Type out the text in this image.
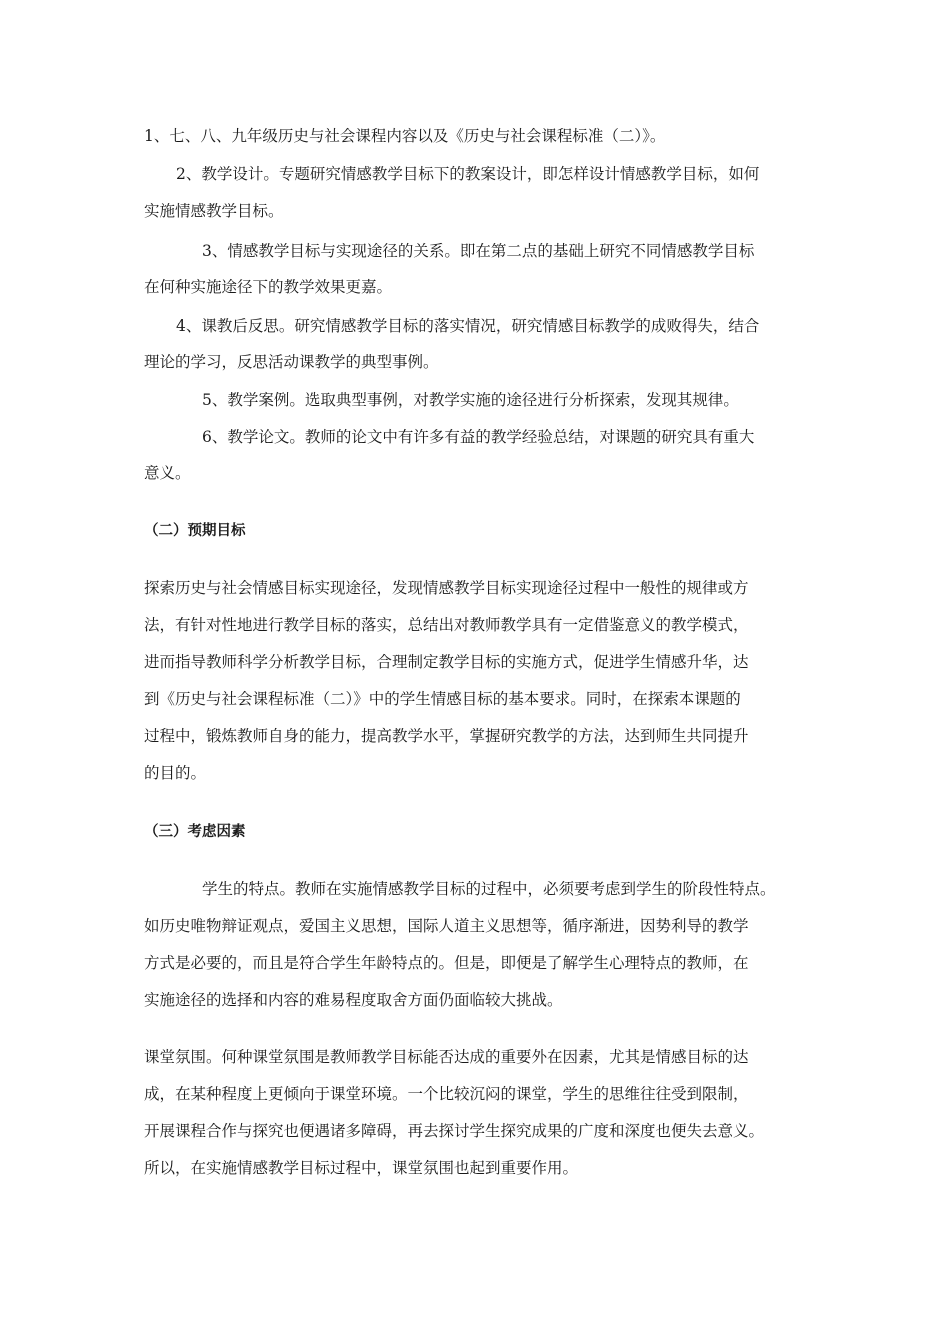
1、七、八、九年级历史与社会课程内容以及《历史与社会课程标准（二）》。
2、教学设计。专题研究情感教学目标下的教案设计，即怎样设计情感教学目标，如何
实施情感教学目标。
3、情感教学目标与实现途径的关系。即在第二点的基础上研究不同情感教学目标
在何种实施途径下的教学效果更嘉。
4、课教后反思。研究情感教学目标的落实情况，研究情感目标教学的成败得失，结合
理论的学习，反思活动课教学的典型事例。
5、教学案例。选取典型事例，对教学实施的途径进行分析探索，发现其规律。
6、教学论文。教师的论文中有许多有益的教学经验总结，对课题的研究具有重大
意义。
（二）预期目标
探索历史与社会情感目标实现途径，发现情感教学目标实现途径过程中一般性的规律或方
法，有针对性地进行教学目标的落实，总结出对教师教学具有一定借鉴意义的教学模式，
进而指导教师科学分析教学目标，合理制定教学目标的实施方式，促进学生情感升华，达
到《历史与社会课程标准（二）》中的学生情感目标的基本要求。同时，在探索本课题的
过程中，锻炼教师自身的能力，提高教学水平，掌握研究教学的方法，达到师生共同提升
的目的。
（三）考虑因素
学生的特点。教师在实施情感教学目标的过程中，必须要考虑到学生的阶段性特点。
如历史唯物辩证观点，爱国主义思想，国际人道主义思想等，循序渐进，因势利导的教学
方式是必要的，而且是符合学生年龄特点的。但是，即便是了解学生心理特点的教师，在
实施途径的选择和内容的难易程度取舍方面仍面临较大挑战。
课堂氛围。何种课堂氛围是教师教学目标能否达成的重要外在因素，尤其是情感目标的达
成，在某种程度上更倾向于课堂环境。一个比较沉闷的课堂，学生的思维往往受到限制，
开展课程合作与探究也便遇诸多障碍，再去探讨学生探究成果的广度和深度也便失去意义。
所以，在实施情感教学目标过程中，课堂氛围也起到重要作用。
